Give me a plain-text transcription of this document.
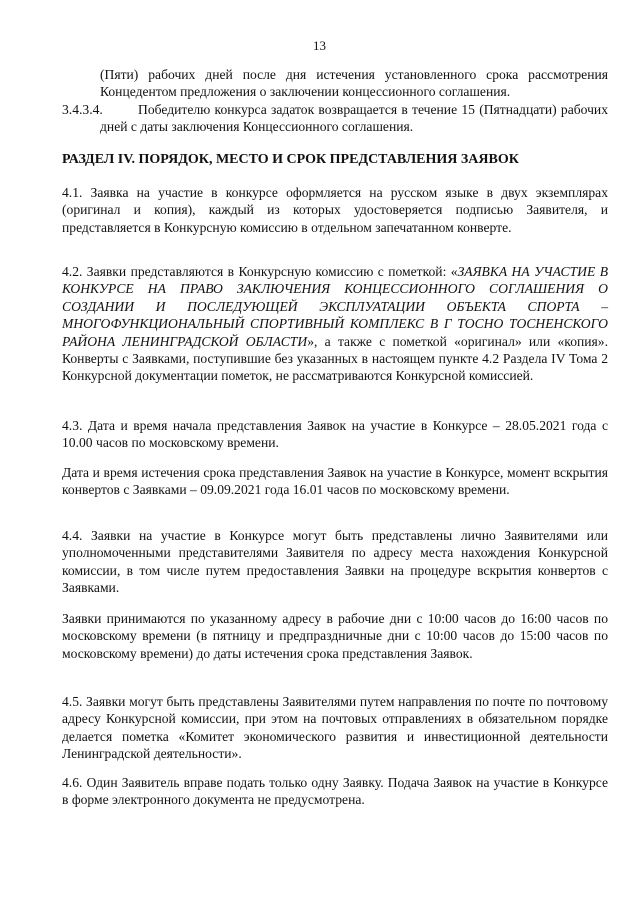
13

(Пяти) рабочих дней после дня истечения установленного срока рассмотрения Концедентом предложения о заключении концессионного соглашения.

3.4.3.4.	Победителю конкурса задаток возвращается в течение 15 (Пятнадцати) рабочих дней с даты заключения Концессионного соглашения.
РАЗДЕЛ IV. ПОРЯДОК, МЕСТО И СРОК ПРЕДСТАВЛЕНИЯ ЗАЯВОК

4.1. Заявка на участие в конкурсе оформляется на русском языке в двух экземплярах (оригинал и копия), каждый из которых удостоверяется подписью Заявителя, и представляется в Конкурсную комиссию в отдельном запечатанном конверте.

4.2. Заявки представляются в Конкурсную комиссию с пометкой: «ЗАЯВКА НА УЧАСТИЕ В КОНКУРСЕ НА ПРАВО ЗАКЛЮЧЕНИЯ КОНЦЕССИОННОГО СОГЛАШЕНИЯ О СОЗДАНИИ И ПОСЛЕДУЮЩЕЙ ЭКСПЛУАТАЦИИ ОБЪЕКТА СПОРТА – МНОГОФУНКЦИОНАЛЬНЫЙ СПОРТИВНЫЙ КОМПЛЕКС В Г ТОСНО ТОСНЕНСКОГО РАЙОНА ЛЕНИНГРАДСКОЙ ОБЛАСТИ», а также с пометкой «оригинал» или «копия». Конверты с Заявками, поступившие без указанных в настоящем пункте 4.2 Раздела IV Тома 2 Конкурсной документации пометок, не рассматриваются Конкурсной комиссией.

4.3. Дата и время начала представления Заявок на участие в Конкурсе – 28.05.2021 года с 10.00 часов по московскому времени.

Дата и время истечения срока представления Заявок на участие в Конкурсе, момент вскрытия конвертов с Заявками – 09.09.2021 года 16.01 часов по московскому времени.

4.4. Заявки на участие в Конкурсе могут быть представлены лично Заявителями или уполномоченными представителями Заявителя по адресу места нахождения Конкурсной комиссии, в том числе путем предоставления Заявки на процедуре вскрытия конвертов с Заявками.

Заявки принимаются по указанному адресу в рабочие дни с 10:00 часов до 16:00 часов по московскому времени (в пятницу и предпраздничные дни с 10:00 часов до 15:00 часов по московскому времени) до даты истечения срока представления Заявок.

4.5. Заявки могут быть представлены Заявителями путем направления по почте по почтовому адресу Конкурсной комиссии, при этом на почтовых отправлениях в обязательном порядке делается пометка «Комитет экономического развития и инвестиционной деятельности Ленинградской деятельности».

4.6. Один Заявитель вправе подать только одну Заявку. Подача Заявок на участие в Конкурсе в форме электронного документа не предусмотрена.
